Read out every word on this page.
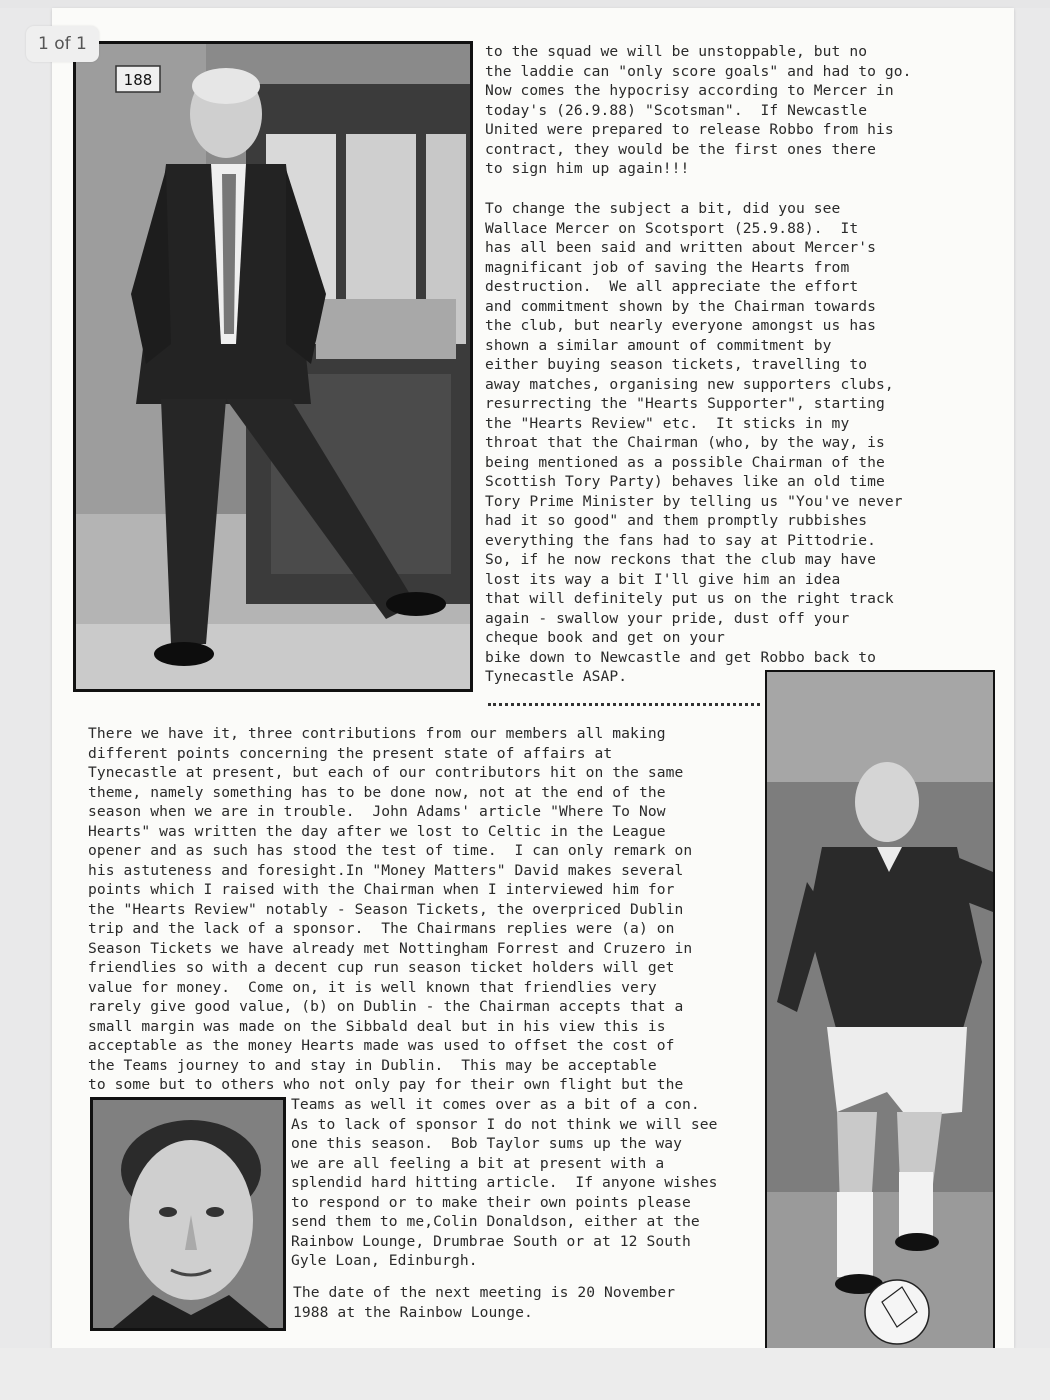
188
to the squad we will be unstoppable, but no
the laddie can "only score goals" and had to go.
Now comes the hypocrisy according to Mercer in
today's (26.9.88) "Scotsman".  If Newcastle
United were prepared to release Robbo from his
contract, they would be the first ones there
to sign him up again!!!
To change the subject a bit, did you see
Wallace Mercer on Scotsport (25.9.88).  It
has all been said and written about Mercer's
magnificant job of saving the Hearts from
destruction.  We all appreciate the effort
and commitment shown by the Chairman towards
the club, but nearly everyone amongst us has
shown a similar amount of commitment by
either buying season tickets, travelling to
away matches, organising new supporters clubs,
resurrecting the "Hearts Supporter", starting
the "Hearts Review" etc.  It sticks in my
throat that the Chairman (who, by the way, is
being mentioned as a possible Chairman of the
Scottish Tory Party) behaves like an old time
Tory Prime Minister by telling us "You've never
had it so good" and them promptly rubbishes
everything the fans had to say at Pittodrie.
So, if he now reckons that the club may have
lost its way a bit I'll give him an idea
that will definitely put us on the right track
again - swallow your pride, dust off your
cheque book and get on your
bike down to Newcastle and get Robbo back to
Tynecastle ASAP.
There we have it, three contributions from our members all making
different points concerning the present state of affairs at
Tynecastle at present, but each of our contributors hit on the same
theme, namely something has to be done now, not at the end of the
season when we are in trouble.  John Adams' article "Where To Now
Hearts" was written the day after we lost to Celtic in the League
opener and as such has stood the test of time.  I can only remark on
his astuteness and foresight.In "Money Matters" David makes several
points which I raised with the Chairman when I interviewed him for
the "Hearts Review" notably - Season Tickets, the overpriced Dublin
trip and the lack of a sponsor.  The Chairmans replies were (a) on
Season Tickets we have already met Nottingham Forrest and Cruzero in
friendlies so with a decent cup run season ticket holders will get
value for money.  Come on, it is well known that friendlies very
rarely give good value, (b) on Dublin - the Chairman accepts that a
small margin was made on the Sibbald deal but in his view this is
acceptable as the money Hearts made was used to offset the cost of
the Teams journey to and stay in Dublin.  This may be acceptable
to some but to others who not only pay for their own flight but the
Teams as well it comes over as a bit of a con.
As to lack of sponsor I do not think we will see
one this season.  Bob Taylor sums up the way
we are all feeling a bit at present with a
splendid hard hitting article.  If anyone wishes
to respond or to make their own points please
send them to me,Colin Donaldson, either at the
Rainbow Lounge, Drumbrae South or at 12 South
Gyle Loan, Edinburgh.
The date of the next meeting is 20 November
1988 at the Rainbow Lounge.
1 of 1
